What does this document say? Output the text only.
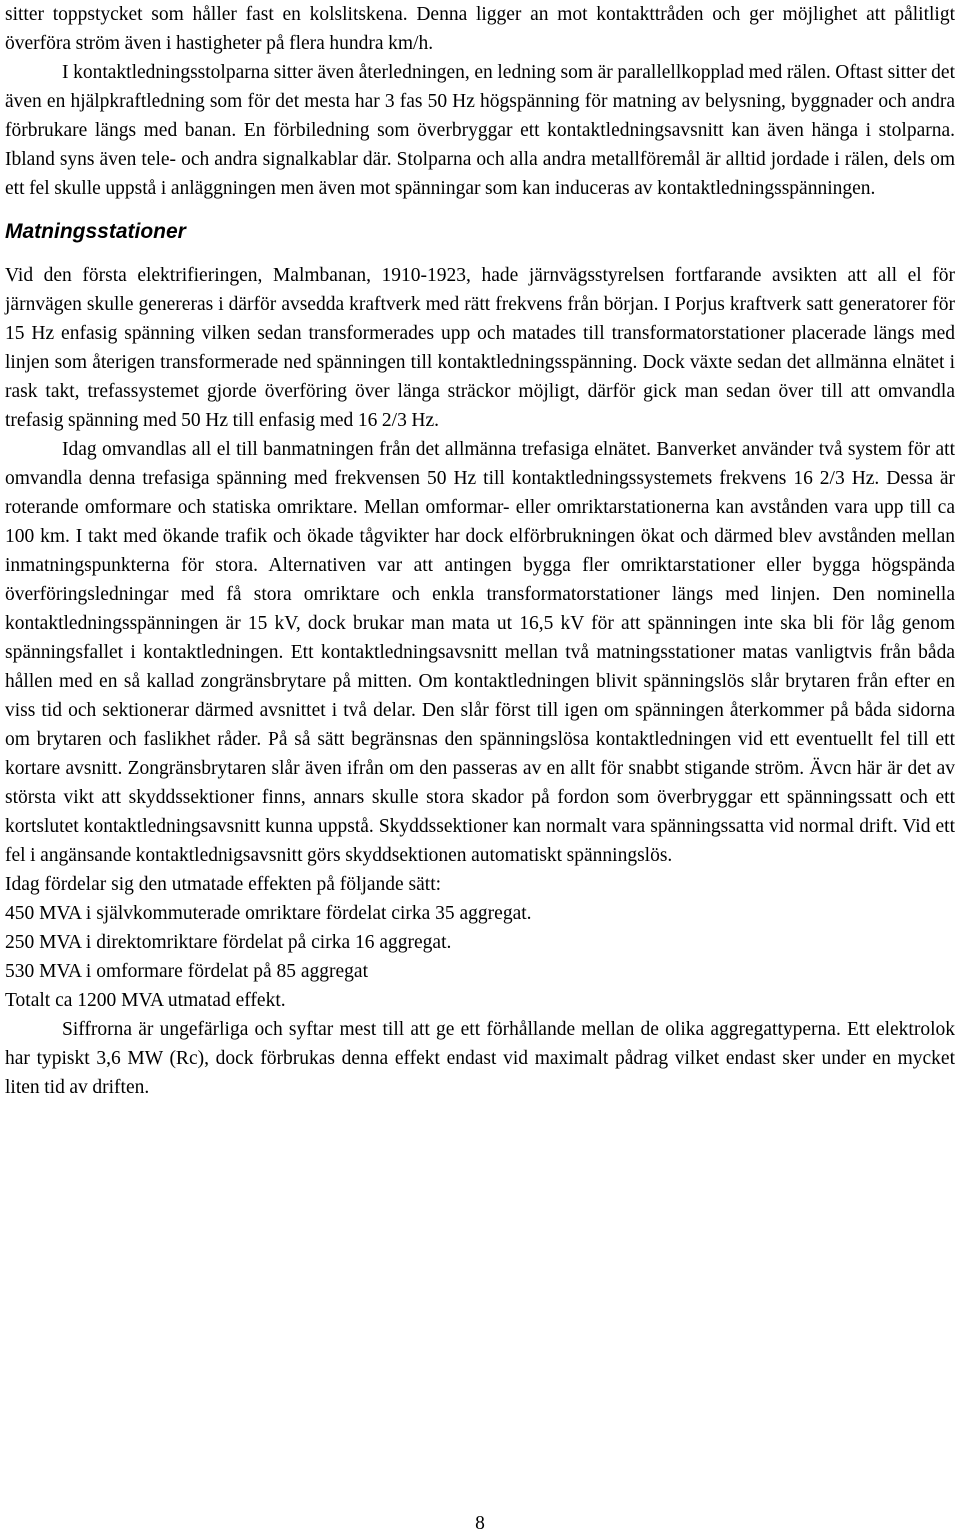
sitter toppstycket som håller fast en kolslitskena. Denna ligger an mot kontakttråden och ger möjlighet att pålitligt överföra ström även i hastigheter på flera hundra km/h.

I kontaktledningsstolparna sitter även återledningen, en ledning som är parallellkopplad med rälen. Oftast sitter det även en hjälpkraftledning som för det mesta har 3 fas 50 Hz högspänning för matning av belysning, byggnader och andra förbrukare längs med banan. En förbiledning som överbryggar ett kontaktledningsavsnitt kan även hänga i stolparna. Ibland syns även tele- och andra signalkablar där. Stolparna och alla andra metallföremål är alltid jordade i rälen, dels om ett fel skulle uppstå i anläggningen men även mot spänningar som kan induceras av kontaktledningsspänningen.

Matningsstationer

Vid den första elektrifieringen, Malmbanan, 1910-1923, hade järnvägsstyrelsen fortfarande avsikten att all el för järnvägen skulle genereras i därför avsedda kraftverk med rätt frekvens från början. I Porjus kraftverk satt generatorer för 15 Hz enfasig spänning vilken sedan transformerades upp och matades till transformatorstationer placerade längs med linjen som återigen transformerade ned spänningen till kontaktledningsspänning. Dock växte sedan det allmänna elnätet i rask takt, trefassystemet gjorde överföring över länga sträckor möjligt, därför gick man sedan över till att omvandla trefasig spänning med 50 Hz till enfasig med 16 2/3 Hz.

Idag omvandlas all el till banmatningen från det allmänna trefasiga elnätet. Banverket använder två system för att omvandla denna trefasiga spänning med frekvensen 50 Hz till kontaktledningssystemets frekvens 16 2/3 Hz. Dessa är roterande omformare och statiska omriktare. Mellan omformar- eller omriktarstationerna kan avstånden vara upp till ca 100 km. I takt med ökande trafik och ökade tågvikter har dock elförbrukningen ökat och därmed blev avstånden mellan inmatningspunkterna för stora. Alternativen var att antingen bygga fler omriktarstationer eller bygga högspända överföringsledningar med få stora omriktare och enkla transformatorstationer längs med linjen. Den nominella kontaktledningsspänningen är 15 kV, dock brukar man mata ut 16,5 kV för att spänningen inte ska bli för låg genom spänningsfallet i kontaktledningen. Ett kontaktledningsavsnitt mellan två matningsstationer matas vanligtvis från båda hållen med en så kallad zongränsbrytare på mitten. Om kontaktledningen blivit spänningslös slår brytaren från efter en viss tid och sektionerar därmed avsnittet i två delar. Den slår först till igen om spänningen återkommer på båda sidorna om brytaren och faslikhet råder. På så sätt begränsnas den spänningslösa kontaktledningen vid ett eventuellt fel till ett kortare avsnitt. Zongränsbrytaren slår även ifrån om den passeras av en allt för snabbt stigande ström. Ävcn här är det av största vikt att skyddssektioner finns, annars skulle stora skador på fordon som överbryggar ett spänningssatt och ett kortslutet kontaktledningsavsnitt kunna uppstå. Skyddssektioner kan normalt vara spänningssatta vid normal drift. Vid ett fel i angänsande kontaktlednigsavsnitt görs skyddsektionen automatiskt spänningslös.

Idag fördelar sig den utmatade effekten på följande sätt:

450 MVA i självkommuterade omriktare fördelat cirka 35 aggregat.

250 MVA i direktomriktare fördelat på cirka 16 aggregat.

530 MVA i omformare fördelat på 85 aggregat

Totalt ca 1200 MVA utmatad effekt.

Siffrorna är ungefärliga och syftar mest till att ge ett förhållande mellan de olika aggregattyperna. Ett elektrolok har typiskt 3,6 MW (Rc), dock förbrukas denna effekt endast vid maximalt pådrag vilket endast sker under en mycket liten tid av driften.

8
